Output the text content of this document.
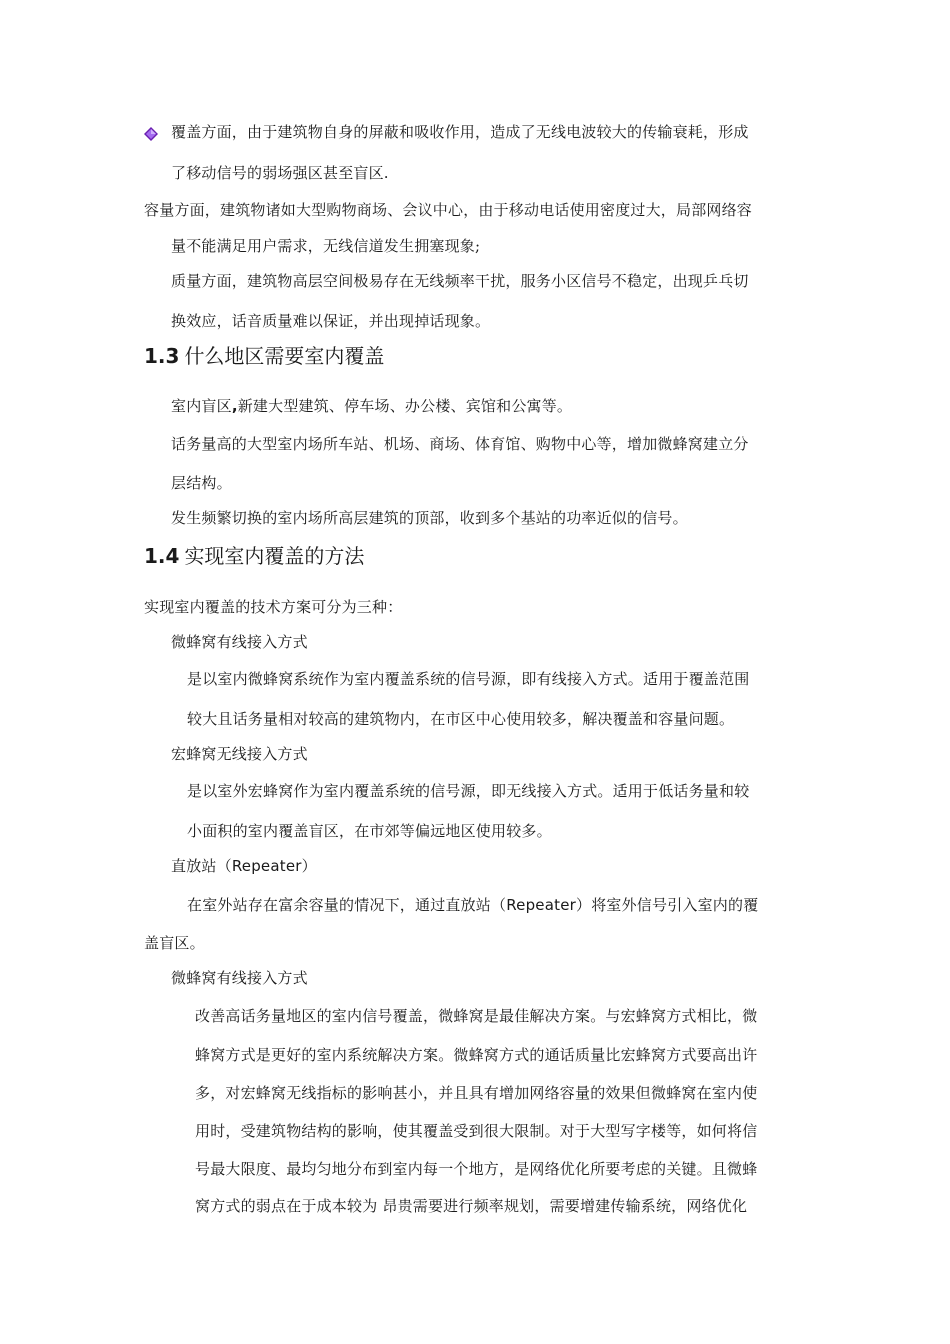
覆盖方面，由于建筑物自身的屏蔽和吸收作用，造成了无线电波较大的传输衰耗，形成

了移动信号的弱场强区甚至盲区.

容量方面，建筑物诸如大型购物商场、会议中心，由于移动电话使用密度过大，局部网络容

量不能满足用户需求，无线信道发生拥塞现象;

质量方面，建筑物高层空间极易存在无线频率干扰，服务小区信号不稳定，出现乒乓切

换效应，话音质量难以保证，并出现掉话现象。

1.3 什么地区需要室内覆盖

室内盲区,新建大型建筑、停车场、办公楼、宾馆和公寓等。

话务量高的大型室内场所车站、机场、商场、体育馆、购物中心等，增加微蜂窝建立分

层结构。

发生频繁切换的室内场所高层建筑的顶部，收到多个基站的功率近似的信号。

1.4 实现室内覆盖的方法

实现室内覆盖的技术方案可分为三种：

微蜂窝有线接入方式

是以室内微蜂窝系统作为室内覆盖系统的信号源，即有线接入方式。适用于覆盖范围

较大且话务量相对较高的建筑物内，在市区中心使用较多，解决覆盖和容量问题。

宏蜂窝无线接入方式

是以室外宏蜂窝作为室内覆盖系统的信号源，即无线接入方式。适用于低话务量和较

小面积的室内覆盖盲区，在市郊等偏远地区使用较多。

直放站（Repeater）

在室外站存在富余容量的情况下，通过直放站（Repeater）将室外信号引入室内的覆

盖盲区。

微蜂窝有线接入方式

改善高话务量地区的室内信号覆盖，微蜂窝是最佳解决方案。与宏蜂窝方式相比，微

蜂窝方式是更好的室内系统解决方案。微蜂窝方式的通话质量比宏蜂窝方式要高出许

多，对宏蜂窝无线指标的影响甚小，并且具有增加网络容量的效果但微蜂窝在室内使

用时，受建筑物结构的影响，使其覆盖受到很大限制。对于大型写字楼等，如何将信

号最大限度、最均匀地分布到室内每一个地方，是网络优化所要考虑的关键。且微蜂

窝方式的弱点在于成本较为 昂贵需要进行频率规划，需要增建传输系统，网络优化
